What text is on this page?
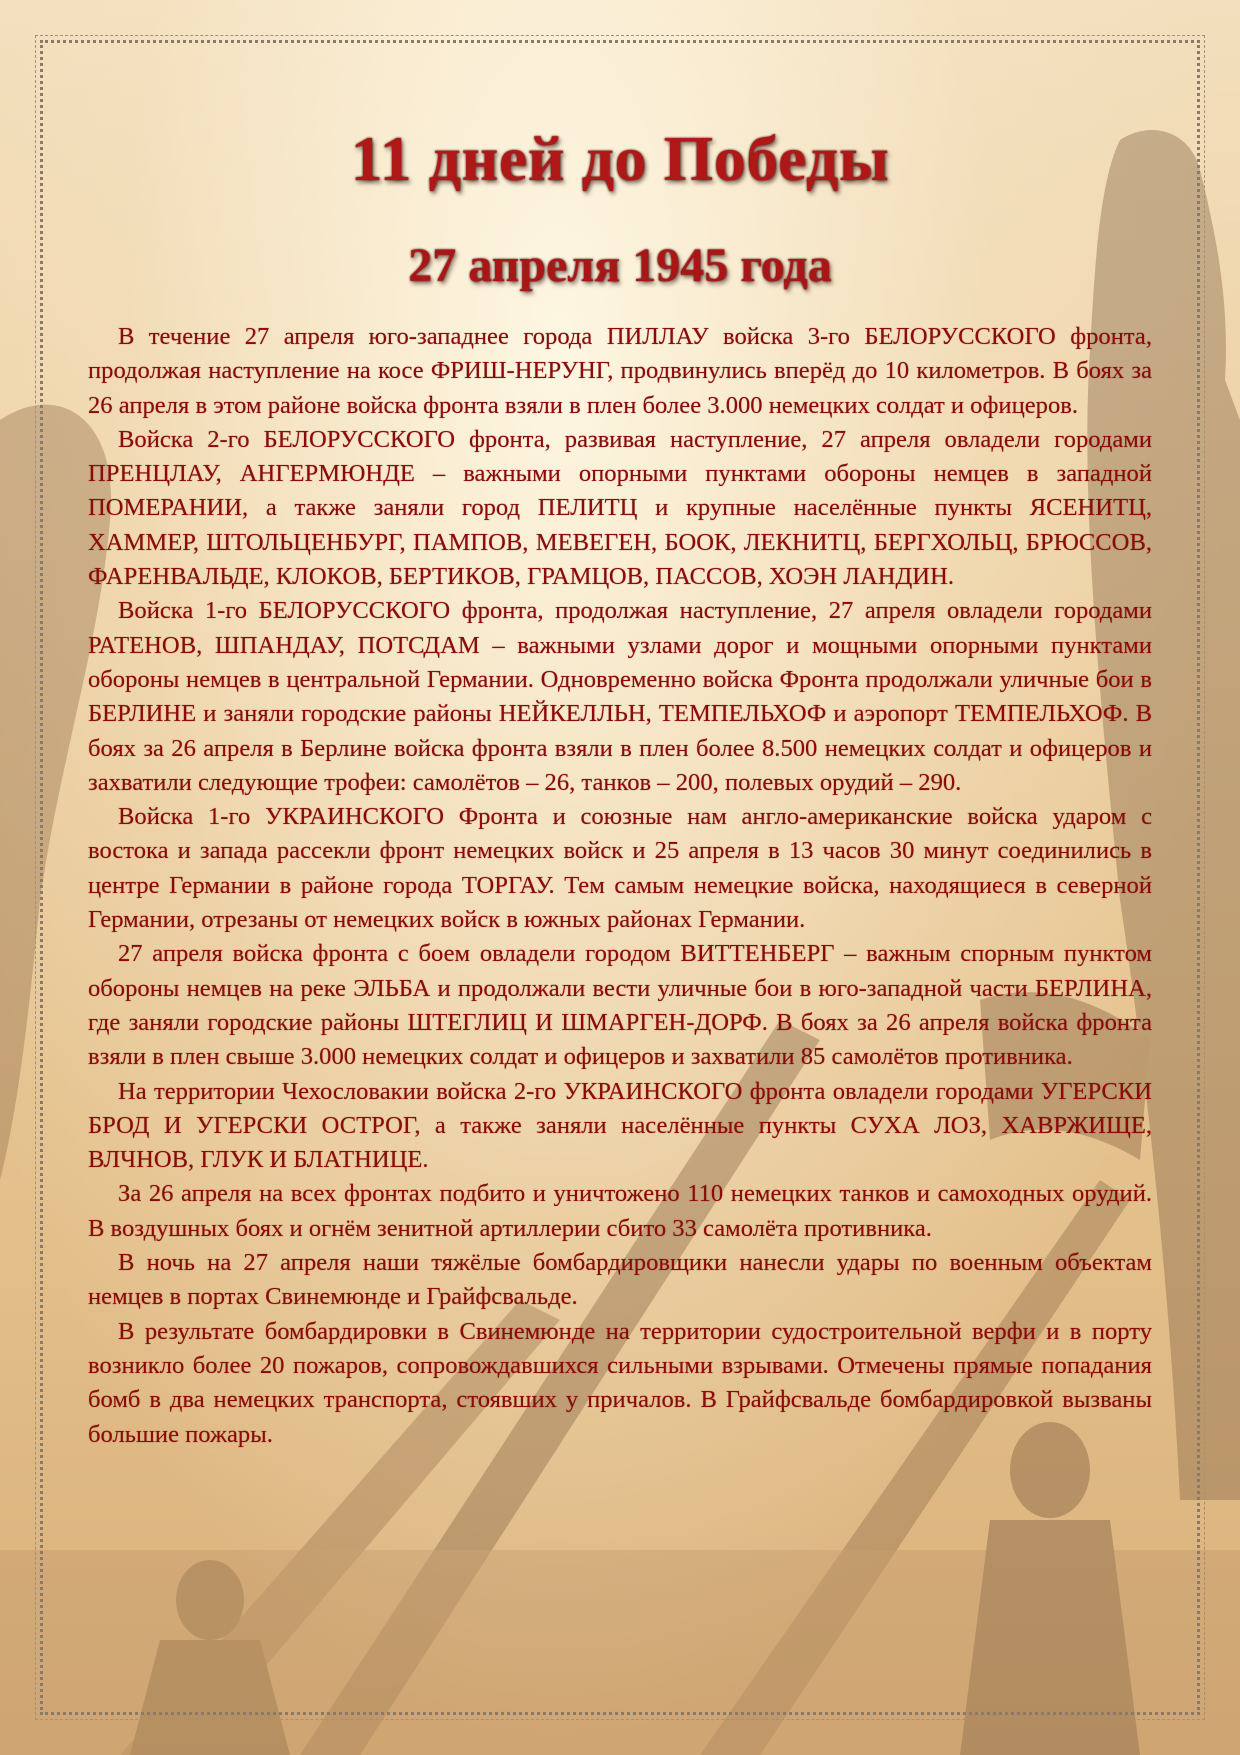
11 дней до Победы
27 апреля 1945 года

В течение 27 апреля юго-западнее города ПИЛЛАУ войска 3-го БЕЛОРУССКОГО фронта, продолжая наступление на косе ФРИШ-НЕРУНГ, продвинулись вперёд до 10 километров. В боях за 26 апреля в этом районе войска фронта взяли в плен более 3.000 немецких солдат и офицеров.

Войска 2-го БЕЛОРУССКОГО фронта, развивая наступление, 27 апреля овладели городами ПРЕНЦЛАУ, АНГЕРМЮНДЕ – важными опорными пунктами обороны немцев в западной ПОМЕРАНИИ, а также заняли город ПЕЛИТЦ и крупные населённые пункты ЯСЕНИТЦ, ХАММЕР, ШТОЛЬЦЕНБУРГ, ПАМПОВ, МЕВЕГЕН, БООК, ЛЕКНИТЦ, БЕРГХОЛЬЦ, БРЮССОВ, ФАРЕНВАЛЬДЕ, КЛОКОВ, БЕРТИКОВ, ГРАМЦОВ, ПАССОВ, ХОЭН ЛАНДИН.

Войска 1-го БЕЛОРУССКОГО фронта, продолжая наступление, 27 апреля овладели городами РАТЕНОВ, ШПАНДАУ, ПОТСДАМ – важными узлами дорог и мощными опорными пунктами обороны немцев в центральной Германии. Одновременно войска Фронта продолжали уличные бои в БЕРЛИНЕ и заняли городские районы НЕЙКЕЛЛЬН, ТЕМПЕЛЬХОФ и аэропорт ТЕМПЕЛЬХОФ. В боях за 26 апреля в Берлине войска фронта взяли в плен более 8.500 немецких солдат и офицеров и захватили следующие трофеи: самолётов – 26, танков – 200, полевых орудий – 290.

Войска 1-го УКРАИНСКОГО Фронта и союзные нам англо-американские войска ударом с востока и запада рассекли фронт немецких войск и 25 апреля в 13 часов 30 минут соединились в центре Германии в районе города ТОРГАУ. Тем самым немецкие войска, находящиеся в северной Германии, отрезаны от немецких войск в южных районах Германии.

27 апреля войска фронта с боем овладели городом ВИТТЕНБЕРГ – важным спорным пунктом обороны немцев на реке ЭЛЬБА и продолжали вести уличные бои в юго-западной части БЕРЛИНА, где заняли городские районы ШТЕГЛИЦ И ШМАРГЕН-ДОРФ. В боях за 26 апреля войска фронта взяли в плен свыше 3.000 немецких солдат и офицеров и захватили 85 самолётов противника.

На территории Чехословакии войска 2-го УКРАИНСКОГО фронта овладели городами УГЕРСКИ БРОД И УГЕРСКИ ОСТРОГ, а также заняли населённые пункты СУХА ЛОЗ, ХАВРЖИЩЕ, ВЛЧНОВ, ГЛУК И БЛАТНИЦЕ.

За 26 апреля на всех фронтах подбито и уничтожено 110 немецких танков и самоходных орудий. В воздушных боях и огнём зенитной артиллерии сбито 33 самолёта противника.

В ночь на 27 апреля наши тяжёлые бомбардировщики нанесли удары по военным объектам немцев в портах Свинемюнде и Грайфсвальде.

В результате бомбардировки в Свинемюнде на территории судостроительной верфи и в порту возникло более 20 пожаров, сопровождавшихся сильными взрывами. Отмечены прямые попадания бомб в два немецких транспорта, стоявших у причалов. В Грайфсвальде бомбардировкой вызваны большие пожары.
